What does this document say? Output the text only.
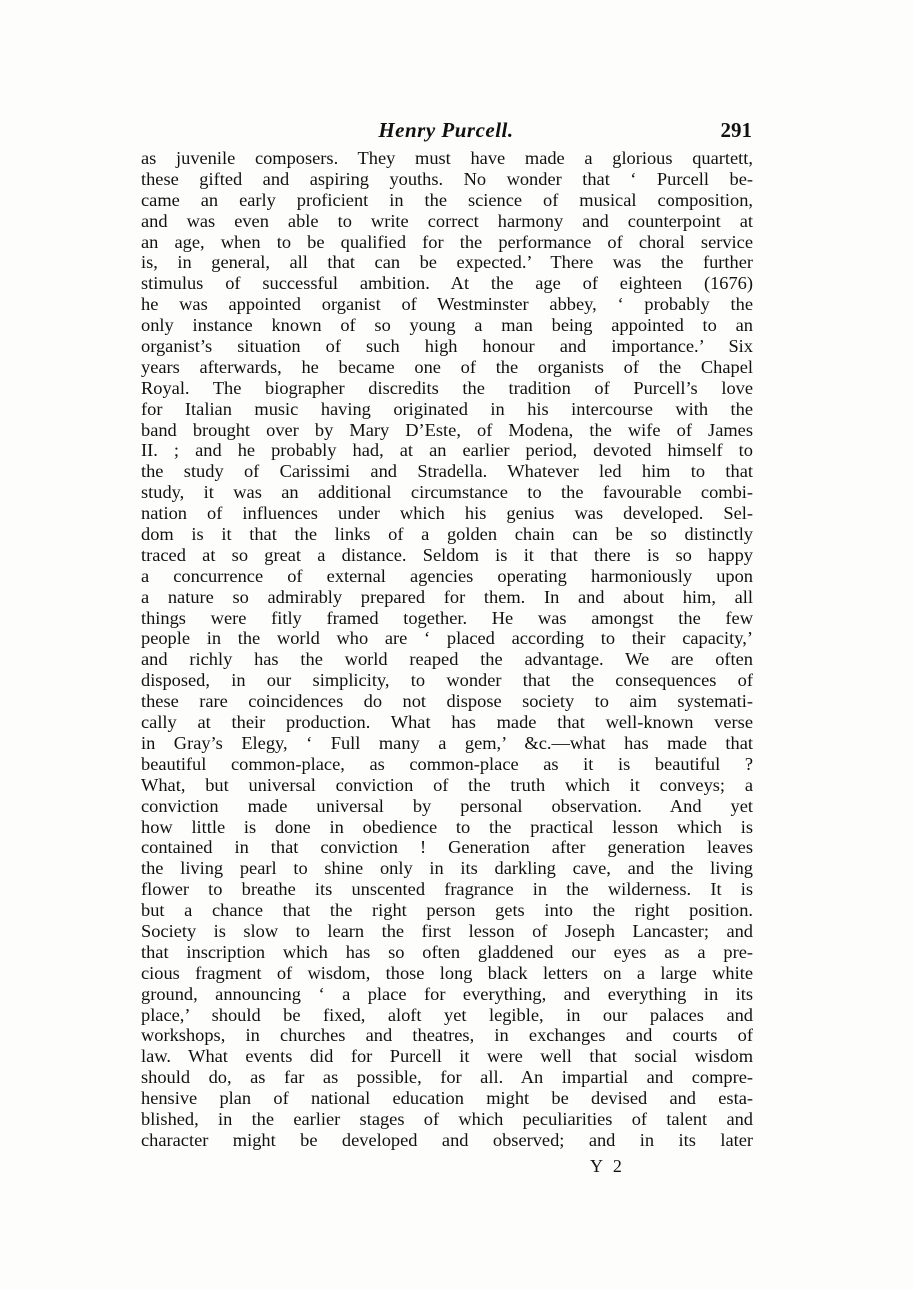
Henry Purcell.	291
as juvenile composers. They must have made a glorious quartett,
these gifted and aspiring youths. No wonder that ‘ Purcell be-
came an early proficient in the science of musical composition,
and was even able to write correct harmony and counterpoint at
an age, when to be qualified for the performance of choral service
is, in general, all that can be expected.’ There was the further
stimulus of successful ambition. At the age of eighteen (1676)
he was appointed organist of Westminster abbey, ‘ probably the
only instance known of so young a man being appointed to an
organist’s situation of such high honour and importance.’ Six
years afterwards, he became one of the organists of the Chapel
Royal. The biographer discredits the tradition of Purcell’s love
for Italian music having originated in his intercourse with the
band brought over by Mary D’Este, of Modena, the wife of James
II. ; and he probably had, at an earlier period, devoted himself to
the study of Carissimi and Stradella. Whatever led him to that
study, it was an additional circumstance to the favourable combi-
nation of influences under which his genius was developed. Sel-
dom is it that the links of a golden chain can be so distinctly
traced at so great a distance. Seldom is it that there is so happy
a concurrence of external agencies operating harmoniously upon
a nature so admirably prepared for them. In and about him, all
things were fitly framed together. He was amongst the few
people in the world who are ‘ placed according to their capacity,’
and richly has the world reaped the advantage. We are often
disposed, in our simplicity, to wonder that the consequences of
these rare coincidences do not dispose society to aim systemati-
cally at their production. What has made that well-known verse
in Gray’s Elegy, ‘ Full many a gem,’ &c.—what has made that
beautiful common-place, as common-place as it is beautiful ?
What, but universal conviction of the truth which it conveys; a
conviction made universal by personal observation. And yet
how little is done in obedience to the practical lesson which is
contained in that conviction ! Generation after generation leaves
the living pearl to shine only in its darkling cave, and the living
flower to breathe its unscented fragrance in the wilderness. It is
but a chance that the right person gets into the right position.
Society is slow to learn the first lesson of Joseph Lancaster; and
that inscription which has so often gladdened our eyes as a pre-
cious fragment of wisdom, those long black letters on a large white
ground, announcing ‘ a place for everything, and everything in its
place,’ should be fixed, aloft yet legible, in our palaces and
workshops, in churches and theatres, in exchanges and courts of
law. What events did for Purcell it were well that social wisdom
should do, as far as possible, for all. An impartial and compre-
hensive plan of national education might be devised and esta-
blished, in the earlier stages of which peculiarities of talent and
character might be developed and observed; and in its later
Y 2
